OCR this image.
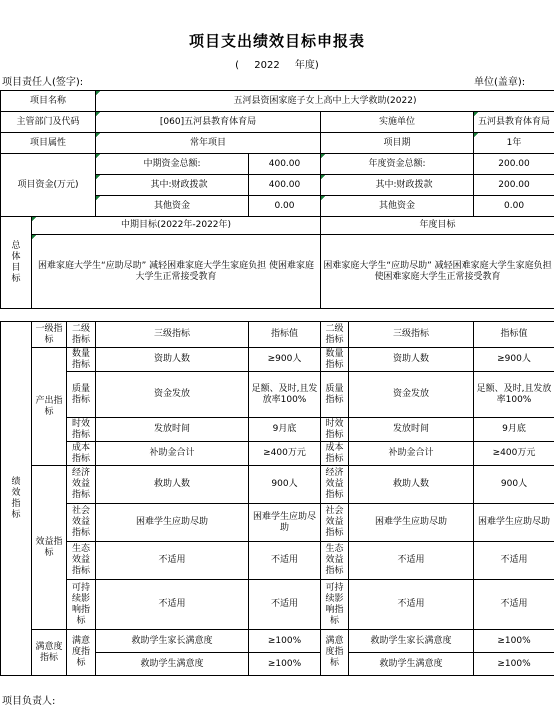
项目支出绩效目标申报表
( 2022 年度)
项目责任人(签字):	单位(盖章):
项目名称		五河县资困家庭子女上高中上大学救助(2022)			
主管部门及代码		[060]五河县教育体育局		实施单位	五河县教育体育局
项目属性		常年项目		项目期	1年
项目资金(万元)		中期资金总额:	400.00	年度资金总额:	200.00
		其中:财政拨款	400.00	其中:财政拨款	200.00
		其他资金	0.00	其他资金	0.00

总体目标	中期目标(2022年-2022年)			年度目标	
	困难家庭大学生“应助尽助” 减轻困难家庭大学生家庭负担 使困难家庭大学生正常接受教育			困难家庭大学生“应助尽助” 减轻困难家庭大学生家庭负担 使困难家庭大学生正常接受教育	
绩效指标	一级指标	二级指标	三级指标	指标值	二级指标	三级指标	指标值
	产出指标	数量指标	资助人数	≥900人	数量指标	资助人数	≥900人
		质量指标	资金发放	足额、及时,且发放率100%	质量指标	资金发放	足额、及时,且发放率100%
		时效指标	发放时间	9月底	时效指标	发放时间	9月底
		成本指标	补助金合计	≥400万元	成本指标	补助金合计	≥400万元
	效益指标	经济效益指标	救助人数	900人	经济效益指标	救助人数	900人
		社会效益指标	困难学生应助尽助	困难学生应助尽助	社会效益指标	困难学生应助尽助	困难学生应助尽助
		生态效益指标	不适用	不适用	生态效益指标	不适用	不适用
		可持续影响指标	不适用	不适用	可持续影响指标	不适用	不适用
	满意度指标	满意度指标	救助学生家长满意度	≥100%	满意度指标	救助学生家长满意度	≥100%
			救助学生满意度	≥100%		救助学生满意度	≥100%
项目负责人:
